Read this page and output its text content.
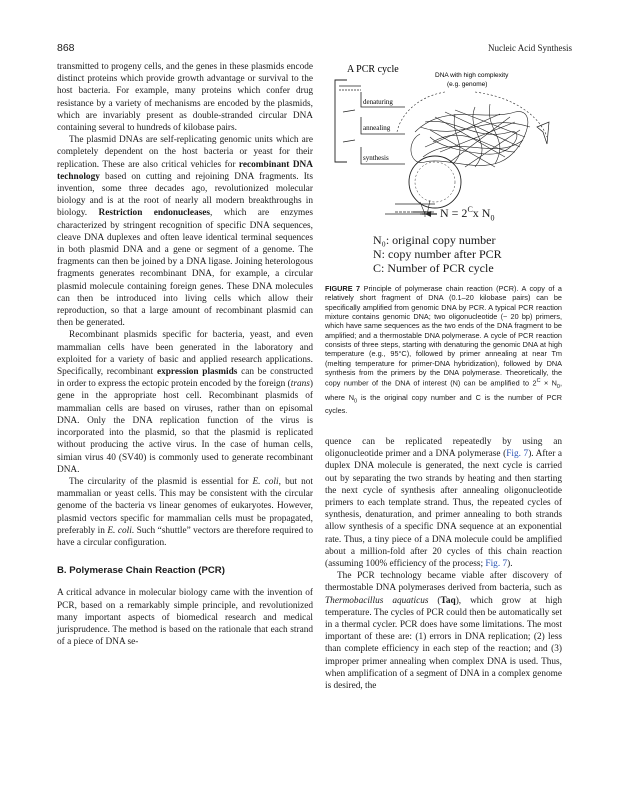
868	Nucleic Acid Synthesis

transmitted to progeny cells, and the genes in these plasmids encode distinct proteins which provide growth advantage or survival to the host bacteria. For example, many proteins which confer drug resistance by a variety of mechanisms are encoded by the plasmids, which are invariably present as double-stranded circular DNA containing several to hundreds of kilobase pairs.

The plasmid DNAs are self-replicating genomic units which are completely dependent on the host bacteria or yeast for their replication. These are also critical vehicles for recombinant DNA technology based on cutting and rejoining DNA fragments. Its invention, some three decades ago, revolutionized molecular biology and is at the root of nearly all modern breakthroughs in biology. Restriction endonucleases, which are enzymes characterized by stringent recognition of specific DNA sequences, cleave DNA duplexes and often leave identical terminal sequences in both plasmid DNA and a gene or segment of a genome. The fragments can then be joined by a DNA ligase. Joining heterologous fragments generates recombinant DNA, for example, a circular plasmid molecule containing foreign genes. These DNA molecules can then be introduced into living cells which allow their reproduction, so that a large amount of recombinant plasmid can then be generated.

Recombinant plasmids specific for bacteria, yeast, and even mammalian cells have been generated in the laboratory and exploited for a variety of basic and applied research applications. Specifically, recombinant expression plasmids can be constructed in order to express the ectopic protein encoded by the foreign (trans) gene in the appropriate host cell. Recombinant plasmids of mammalian cells are based on viruses, rather than on episomal DNA. Only the DNA replication function of the virus is incorporated into the plasmid, so that the plasmid is replicated without producing the active virus. In the case of human cells, simian virus 40 (SV40) is commonly used to generate recombinant DNA.

The circularity of the plasmid is essential for E. coli, but not mammalian or yeast cells. This may be consistent with the circular genome of the bacteria vs linear genomes of eukaryotes. However, plasmid vectors specific for mammalian cells must be propagated, preferably in E. coli. Such “shuttle” vectors are therefore required to have a circular configuration.

B. Polymerase Chain Reaction (PCR)

A critical advance in molecular biology came with the invention of PCR, based on a remarkably simple principle, and revolutionized many important aspects of biomedical research and medical jurisprudence. The method is based on the rationale that each strand of a piece of DNA se-

A PCR cycle
DNA with high complexity
(e.g. genome)
denaturing
annealing
synthesis
$N = 2^Cx$ $N_0$
N₀: original copy number
N: copy number after PCR
C: Number of PCR cycle
FIGURE 7 Principle of polymerase chain reaction (PCR). A copy of a relatively short fragment of DNA (0.1–20 kilobase pairs) can be specifically amplified from genomic DNA by PCR. A typical PCR reaction mixture contains genomic DNA; two oligonucleotide (~ 20 bp) primers, which have same sequences as the two ends of the DNA fragment to be amplified; and a thermostable DNA polymerase. A cycle of PCR reaction consists of three steps, starting with denaturing the genomic DNA at high temperature (e.g., 95°C), followed by primer annealing at near Tm (melting temperature for primer-DNA hybridization), followed by DNA synthesis from the primers by the DNA polymerase. Theoretically, the copy number of the DNA of interest (N) can be amplified to $2^C \times N_0$, where $N_0$ is the original copy number and C is the number of PCR cycles.

quence can be replicated repeatedly by using an oligonucleotide primer and a DNA polymerase (Fig. 7). After a duplex DNA molecule is generated, the next cycle is carried out by separating the two strands by heating and then starting the next cycle of synthesis after annealing oligonucleotide primers to each template strand. Thus, the repeated cycles of synthesis, denaturation, and primer annealing to both strands allow synthesis of a specific DNA sequence at an exponential rate. Thus, a tiny piece of a DNA molecule could be amplified about a million-fold after 20 cycles of this chain reaction (assuming 100% efficiency of the process; Fig. 7).

The PCR technology became viable after discovery of thermostable DNA polymerases derived from bacteria, such as Thermobacillus aquaticus (Taq), which grow at high temperature. The cycles of PCR could then be automatically set in a thermal cycler. PCR does have some limitations. The most important of these are: (1) errors in DNA replication; (2) less than complete efficiency in each step of the reaction; and (3) improper primer annealing when complex DNA is used. Thus, when amplification of a segment of DNA in a complex genome is desired, the
